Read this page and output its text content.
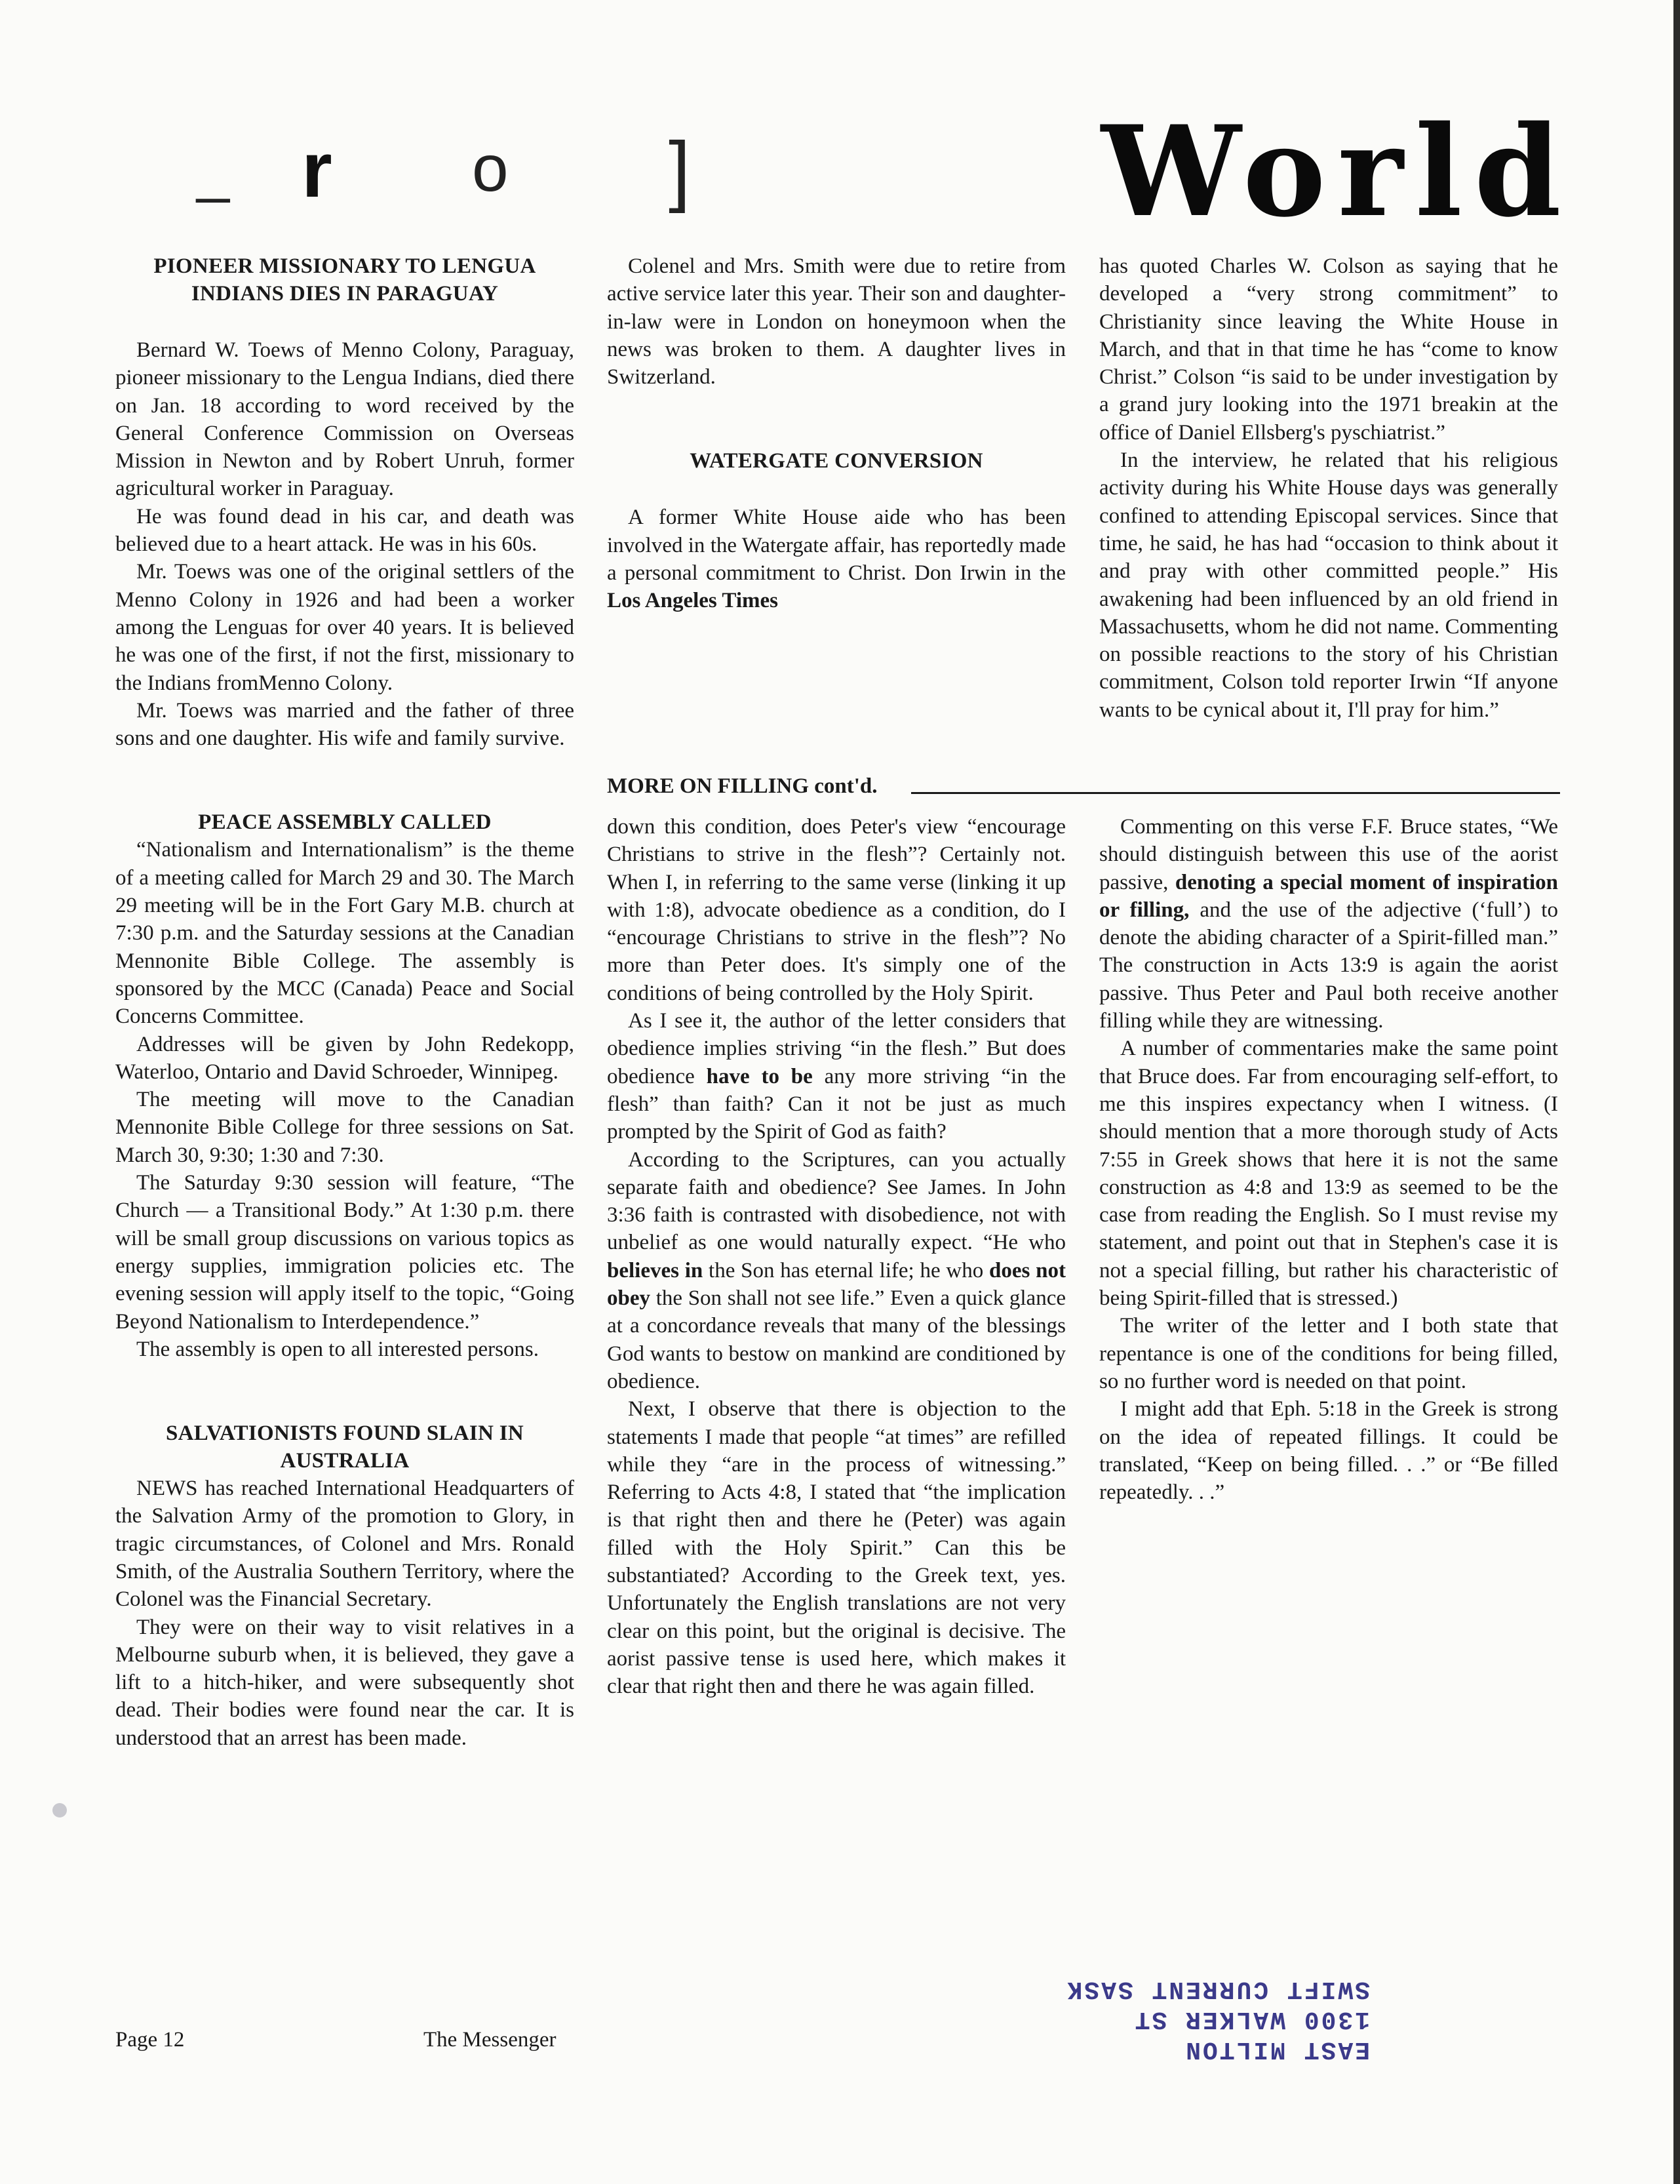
_ r o ]	World
PIONEER MISSIONARY TO LENGUA INDIANS DIES IN PARAGUAY

Bernard W. Toews of Menno Colony, Paraguay, pioneer missionary to the Lengua Indians, died there on Jan. 18 according to word received by the General Conference Commission on Overseas Mission in Newton and by Robert Unruh, former agricultural worker in Paraguay.

He was found dead in his car, and death was believed due to a heart attack. He was in his 60s.

Mr. Toews was one of the original settlers of the Menno Colony in 1926 and had been a worker among the Lenguas for over 40 years. It is believed he was one of the first, if not the first, missionary to the Indians fromMenno Colony.

Mr. Toews was married and the father of three sons and one daughter. His wife and family survive.

PEACE ASSEMBLY CALLED

“Nationalism and Internationalism” is the theme of a meeting called for March 29 and 30. The March 29 meeting will be in the Fort Gary M.B. church at 7:30 p.m. and the Saturday sessions at the Canadian Mennonite Bible College. The assembly is sponsored by the MCC (Canada) Peace and Social Concerns Committee.

Addresses will be given by John Redekopp, Waterloo, Ontario and David Schroeder, Winnipeg.

The meeting will move to the Canadian Mennonite Bible College for three sessions on Sat. March 30, 9:30; 1:30 and 7:30.

The Saturday 9:30 session will feature, “The Church — a Transitional Body.” At 1:30 p.m. there will be small group discussions on various topics as energy supplies, immigration policies etc. The evening session will apply itself to the topic, “Going Beyond Nationalism to Interdependence.”

The assembly is open to all interested persons.

SALVATIONISTS FOUND SLAIN IN AUSTRALIA

NEWS has reached International Headquarters of the Salvation Army of the promotion to Glory, in tragic circumstances, of Colonel and Mrs. Ronald Smith, of the Australia Southern Territory, where the Colonel was the Financial Secretary.

They were on their way to visit relatives in a Melbourne suburb when, it is believed, they gave a lift to a hitch-hiker, and were subsequently shot dead. Their bodies were found near the car. It is understood that an arrest has been made.

Colenel and Mrs. Smith were due to retire from active service later this year. Their son and daughter-in-law were in London on honeymoon when the news was broken to them. A daughter lives in Switzerland.

WATERGATE CONVERSION

A former White House aide who has been involved in the Watergate affair, has reportedly made a personal commitment to Christ. Don Irwin in the Los Angeles Times

has quoted Charles W. Colson as saying that he developed a “very strong commitment” to Christianity since leaving the White House in March, and that in that time he has “come to know Christ.” Colson “is said to be under investigation by a grand jury looking into the 1971 breakin at the office of Daniel Ellsberg's pyschiatrist.”

In the interview, he related that his religious activity during his White House days was generally confined to attending Episcopal services. Since that time, he said, he has had “occasion to think about it and pray with other committed people.” His awakening had been influenced by an old friend in Massachusetts, whom he did not name. Commenting on possible reactions to the story of his Christian commitment, Colson told reporter Irwin “If anyone wants to be cynical about it, I'll pray for him.”

MORE ON FILLING cont'd.

down this condition, does Peter's view “encourage Christians to strive in the flesh”? Certainly not. When I, in referring to the same verse (linking it up with 1:8), advocate obedience as a condition, do I “encourage Christians to strive in the flesh”? No more than Peter does. It's simply one of the conditions of being controlled by the Holy Spirit.

As I see it, the author of the letter considers that obedience implies striving “in the flesh.” But does obedience have to be any more striving “in the flesh” than faith? Can it not be just as much prompted by the Spirit of God as faith?

According to the Scriptures, can you actually separate faith and obedience? See James. In John 3:36 faith is contrasted with disobedience, not with unbelief as one would naturally expect. “He who believes in the Son has eternal life; he who does not obey the Son shall not see life.” Even a quick glance at a concordance reveals that many of the blessings God wants to bestow on mankind are conditioned by obedience.

Next, I observe that there is objection to the statements I made that people “at times” are refilled while they “are in the process of witnessing.” Referring to Acts 4:8, I stated that “the implication is that right then and there he (Peter) was again filled with the Holy Spirit.” Can this be substantiated? According to the Greek text, yes. Unfortunately the English translations are not very clear on this point, but the original is decisive. The aorist passive tense is used here, which makes it clear that right then and there he was again filled.

Commenting on this verse F.F. Bruce states, “We should distinguish between this use of the aorist passive, denoting a special moment of inspiration or filling, and the use of the adjective (‘full’) to denote the abiding character of a Spirit-filled man.” The construction in Acts 13:9 is again the aorist passive. Thus Peter and Paul both receive another filling while they are witnessing.

A number of commentaries make the same point that Bruce does. Far from encouraging self-effort, to me this inspires expectancy when I witness. (I should mention that a more thorough study of Acts 7:55 in Greek shows that here it is not the same construction as 4:8 and 13:9 as seemed to be the case from reading the English. So I must revise my statement, and point out that in Stephen's case it is not a special filling, but rather his characteristic of being Spirit-filled that is stressed.)

The writer of the letter and I both state that repentance is one of the conditions for being filled, so no further word is needed on that point.

I might add that Eph. 5:18 in the Greek is strong on the idea of repeated fillings. It could be translated, “Keep on being filled. . .” or “Be filled repeatedly. . .”

Page 12	The Messenger	EAST MILTON
1300 WALKER ST
SWIFT CURRENT SASK
